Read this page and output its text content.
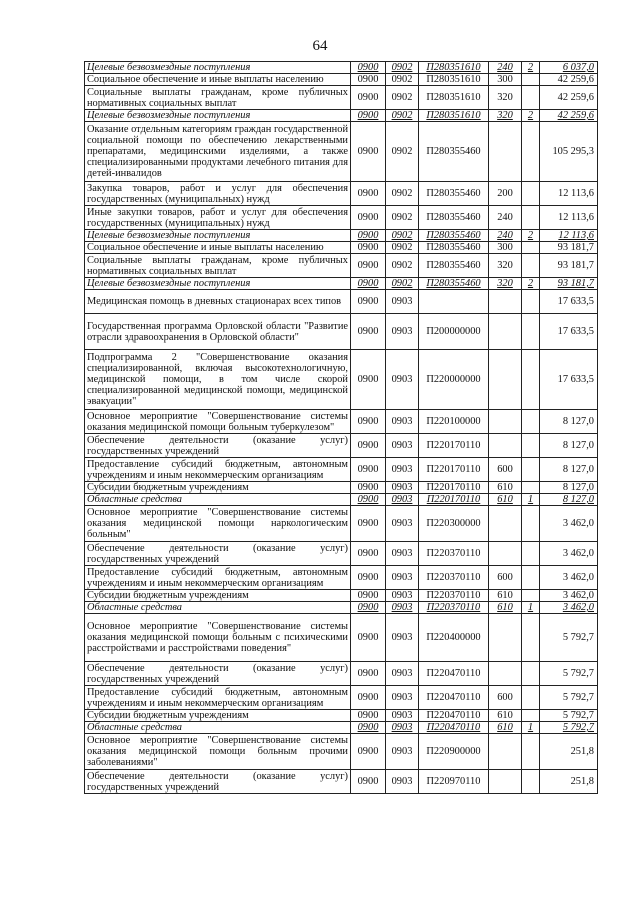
64
Целевые безвозмездные поступления	0900	0902	П280351610	240	2	6 037,0
Социальное обеспечение и иные выплаты населению	0900	0902	П280351610	300		42 259,6
Социальные выплаты гражданам, кроме публичных нормативных социальных выплат	0900	0902	П280351610	320		42 259,6
Целевые безвозмездные поступления	0900	0902	П280351610	320	2	42 259,6
Оказание отдельным категориям граждан государственной социальной помощи по обеспечению лекарственными препаратами, медицинскими изделиями, а также специализированными продуктами лечебного питания для детей-инвалидов	0900	0902	П280355460			105 295,3
Закупка товаров, работ и услуг для обеспечения государственных (муниципальных) нужд	0900	0902	П280355460	200		12 113,6
Иные закупки товаров, работ и услуг для обеспечения государственных (муниципальных) нужд	0900	0902	П280355460	240		12 113,6
Целевые безвозмездные поступления	0900	0902	П280355460	240	2	12 113,6
Социальное обеспечение и иные выплаты населению	0900	0902	П280355460	300		93 181,7
Социальные выплаты гражданам, кроме публичных нормативных социальных выплат	0900	0902	П280355460	320		93 181,7
Целевые безвозмездные поступления	0900	0902	П280355460	320	2	93 181,7
Медицинская помощь в дневных стационарах всех типов	0900	0903				17 633,5
Государственная программа Орловской области "Развитие отрасли здравоохранения в Орловской области"	0900	0903	П200000000			17 633,5
Подпрограмма 2 "Совершенствование оказания специализированной, включая высокотехнологичную, медицинской помощи, в том числе скорой специализированной медицинской помощи, медицинской эвакуации"	0900	0903	П220000000			17 633,5
Основное мероприятие "Совершенствование системы оказания медицинской помощи больным туберкулезом"	0900	0903	П220100000			8 127,0
Обеспечение деятельности (оказание услуг) государственных учреждений	0900	0903	П220170110			8 127,0
Предоставление субсидий бюджетным, автономным учреждениям и иным некоммерческим организациям	0900	0903	П220170110	600		8 127,0
Субсидии бюджетным учреждениям	0900	0903	П220170110	610		8 127,0
Областные средства	0900	0903	П220170110	610	1	8 127,0
Основное мероприятие "Совершенствование системы оказания медицинской помощи наркологическим больным"	0900	0903	П220300000			3 462,0
Обеспечение деятельности (оказание услуг) государственных учреждений	0900	0903	П220370110			3 462,0
Предоставление субсидий бюджетным, автономным учреждениям и иным некоммерческим организациям	0900	0903	П220370110	600		3 462,0
Субсидии бюджетным учреждениям	0900	0903	П220370110	610		3 462,0
Областные средства	0900	0903	П220370110	610	1	3 462,0
Основное мероприятие "Совершенствование системы оказания медицинской помощи больным с психическими расстройствами и расстройствами поведения"	0900	0903	П220400000			5 792,7
Обеспечение деятельности (оказание услуг) государственных учреждений	0900	0903	П220470110			5 792,7
Предоставление субсидий бюджетным, автономным учреждениям и иным некоммерческим организациям	0900	0903	П220470110	600		5 792,7
Субсидии бюджетным учреждениям	0900	0903	П220470110	610		5 792,7
Областные средства	0900	0903	П220470110	610	1	5 792,7
Основное мероприятие "Совершенствование системы оказания медицинской помощи больным прочими заболеваниями"	0900	0903	П220900000			251,8
Обеспечение деятельности (оказание услуг) государственных учреждений	0900	0903	П220970110			251,8
